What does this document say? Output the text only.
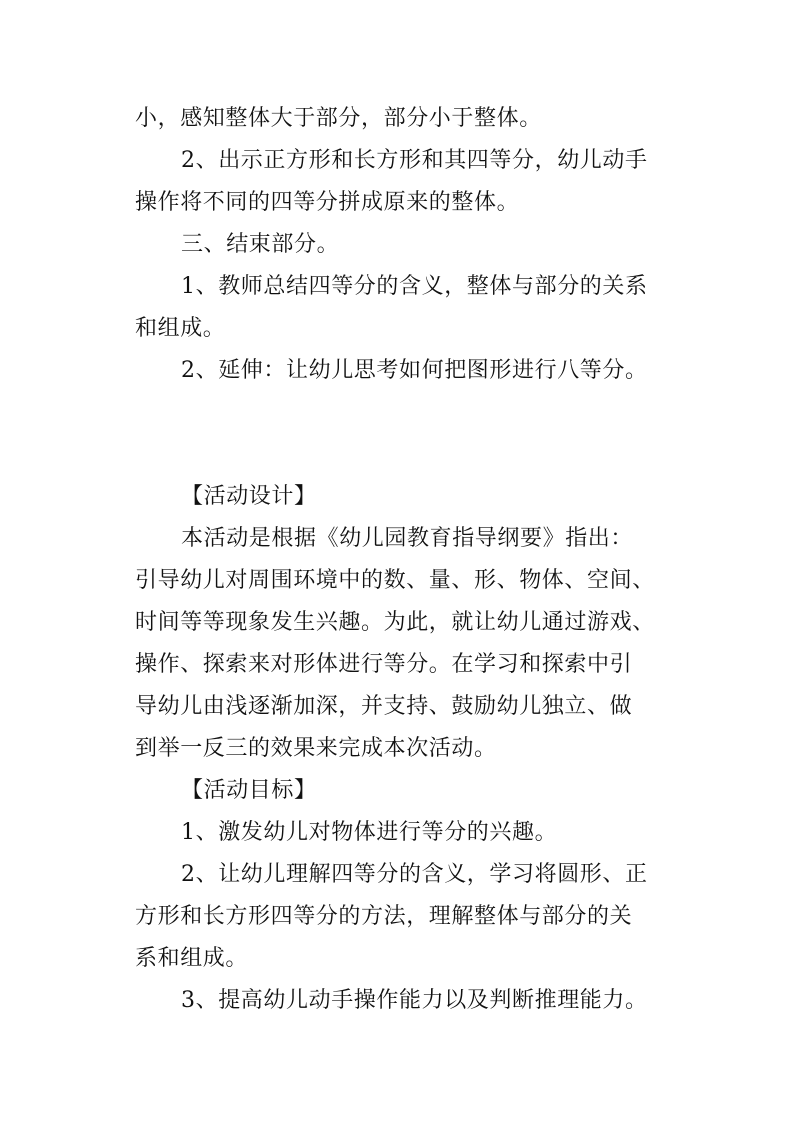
小，感知整体大于部分，部分小于整体。
2、出示正方形和长方形和其四等分，幼儿动手
操作将不同的四等分拼成原来的整体。
三、结束部分。
1、教师总结四等分的含义，整体与部分的关系
和组成。
2、延伸：让幼儿思考如何把图形进行八等分。
【活动设计】
本活动是根据《幼儿园教育指导纲要》指出：
引导幼儿对周围环境中的数、量、形、物体、空间、
时间等等现象发生兴趣。为此，就让幼儿通过游戏、
操作、探索来对形体进行等分。在学习和探索中引
导幼儿由浅逐渐加深，并支持、鼓励幼儿独立、做
到举一反三的效果来完成本次活动。
【活动目标】
1、激发幼儿对物体进行等分的兴趣。
2、让幼儿理解四等分的含义，学习将圆形、正
方形和长方形四等分的方法，理解整体与部分的关
系和组成。
3、提高幼儿动手操作能力以及判断推理能力。
